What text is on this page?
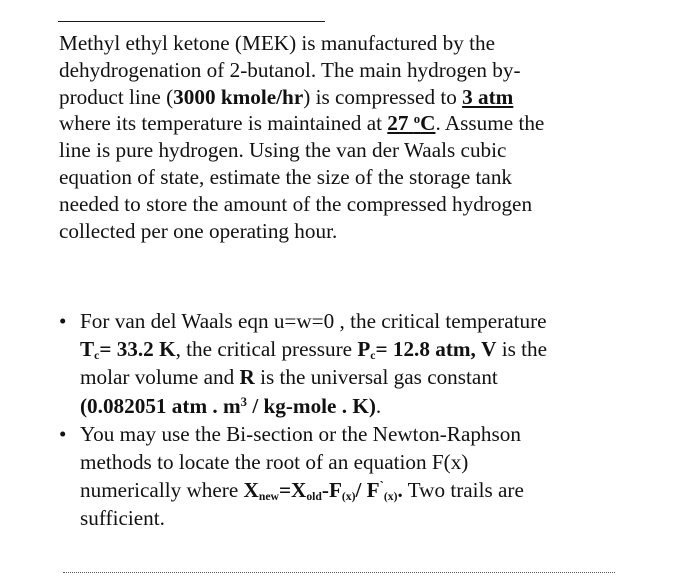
Methyl ethyl ketone (MEK) is manufactured by the
dehydrogenation of 2-butanol. The main hydrogen by-
product line (3000 kmole/hr) is compressed to 3 atm
where its temperature is maintained at 27 $^o$C. Assume the
line is pure hydrogen. Using the van der Waals cubic
equation of state, estimate the size of the storage tank
needed to store the amount of the compressed hydrogen
collected per one operating hour.

• For van del Waals eqn u=w=0 , the critical temperature
$T_c= 33.2$ K, the critical pressure $P_c= 12.8$ atm, V is the
molar volume and R is the universal gas constant
(0.082051 atm . $m^3$ / kg-mole . K).
• You may use the Bi-section or the Newton-Raphson
methods to locate the root of an equation F(x)
numerically where $X_{new}=X_{old}-F_{(x)}/$ $F^`_{(x)}$. Two trails are
sufficient.
